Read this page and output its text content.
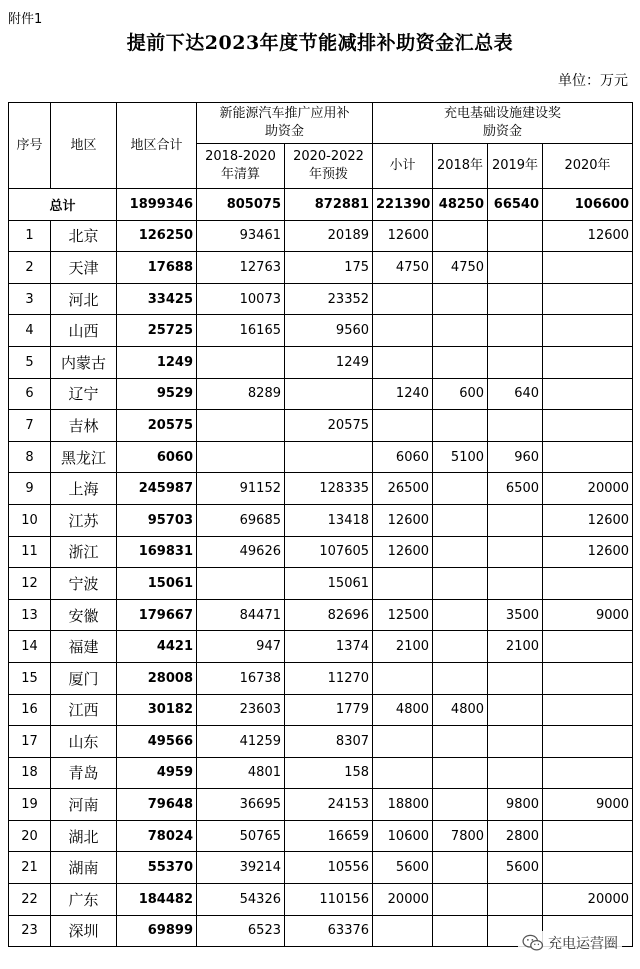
附件1
提前下达2023年度节能减排补助资金汇总表
单位：万元
序号	地区	地区合计	新能源汽车推广应用补助资金		充电基础设施建设奖励资金			
			2018-2020年清算	2020-2022年预拨	小计	2018年	2019年	2020年
总计		1899346	805075	872881	221390	48250	66540	106600
1	北京	126250	93461	20189	12600			12600
2	天津	17688	12763	175	4750	4750		
3	河北	33425	10073	23352				
4	山西	25725	16165	9560				
5	内蒙古	1249		1249				
6	辽宁	9529	8289		1240	600	640	
7	吉林	20575		20575				
8	黑龙江	6060			6060	5100	960	
9	上海	245987	91152	128335	26500		6500	20000
10	江苏	95703	69685	13418	12600			12600
11	浙江	169831	49626	107605	12600			12600
12	宁波	15061		15061				
13	安徽	179667	84471	82696	12500		3500	9000
14	福建	4421	947	1374	2100		2100	
15	厦门	28008	16738	11270				
16	江西	30182	23603	1779	4800	4800		
17	山东	49566	41259	8307				
18	青岛	4959	4801	158				
19	河南	79648	36695	24153	18800		9800	9000
20	湖北	78024	50765	16659	10600	7800	2800	
21	湖南	55370	39214	10556	5600		5600	
22	广东	184482	54326	110156	20000			20000
23	深圳	69899	6523	63376				
充电运营圈
